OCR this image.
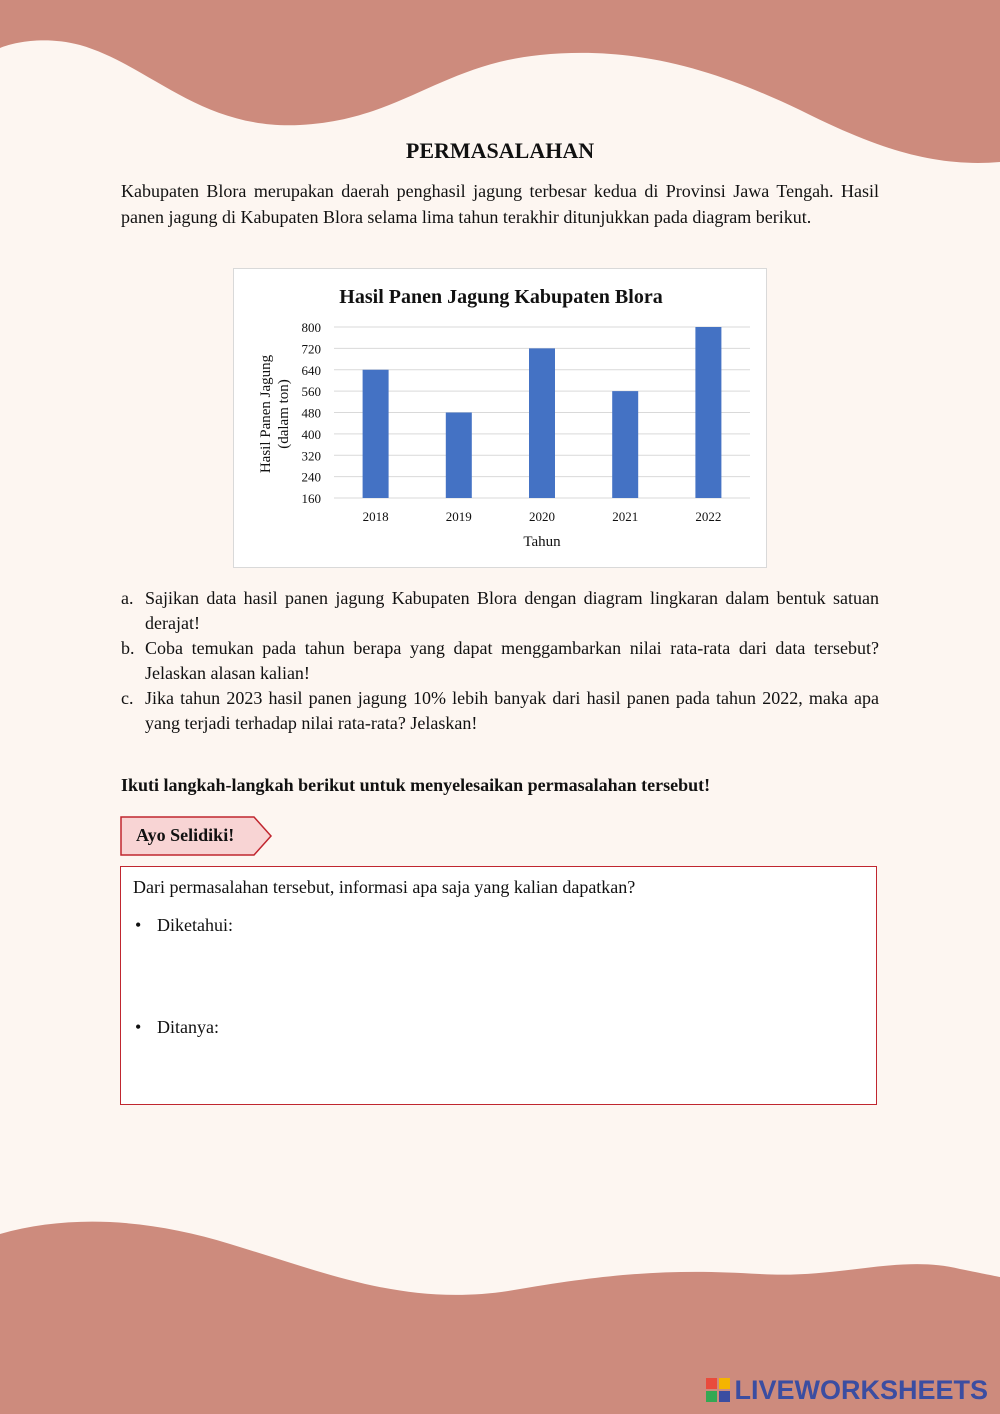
PERMASALAHAN

Kabupaten Blora merupakan daerah penghasil jagung terbesar kedua di Provinsi Jawa Tengah. Hasil panen jagung di Kabupaten Blora selama lima tahun terakhir ditunjukkan pada diagram berikut.

Hasil Panen Jagung Kabupaten Blora
160
240
320
400
480
560
640
720
800
2018	2019	2020	2021	2022
Tahun
Hasil Panen Jagung (dalam ton)
a. Sajikan data hasil panen jagung Kabupaten Blora dengan diagram lingkaran dalam bentuk satuan derajat!
b. Coba temukan pada tahun berapa yang dapat menggambarkan nilai rata-rata dari data tersebut? Jelaskan alasan kalian!
c. Jika tahun 2023 hasil panen jagung 10% lebih banyak dari hasil panen pada tahun 2022, maka apa yang terjadi terhadap nilai rata-rata? Jelaskan!
Ikuti langkah-langkah berikut untuk menyelesaikan permasalahan tersebut!
Ayo Selidiki!
Dari permasalahan tersebut, informasi apa saja yang kalian dapatkan?
• Diketahui:
• Ditanya:
LIVEWORKSHEETS
